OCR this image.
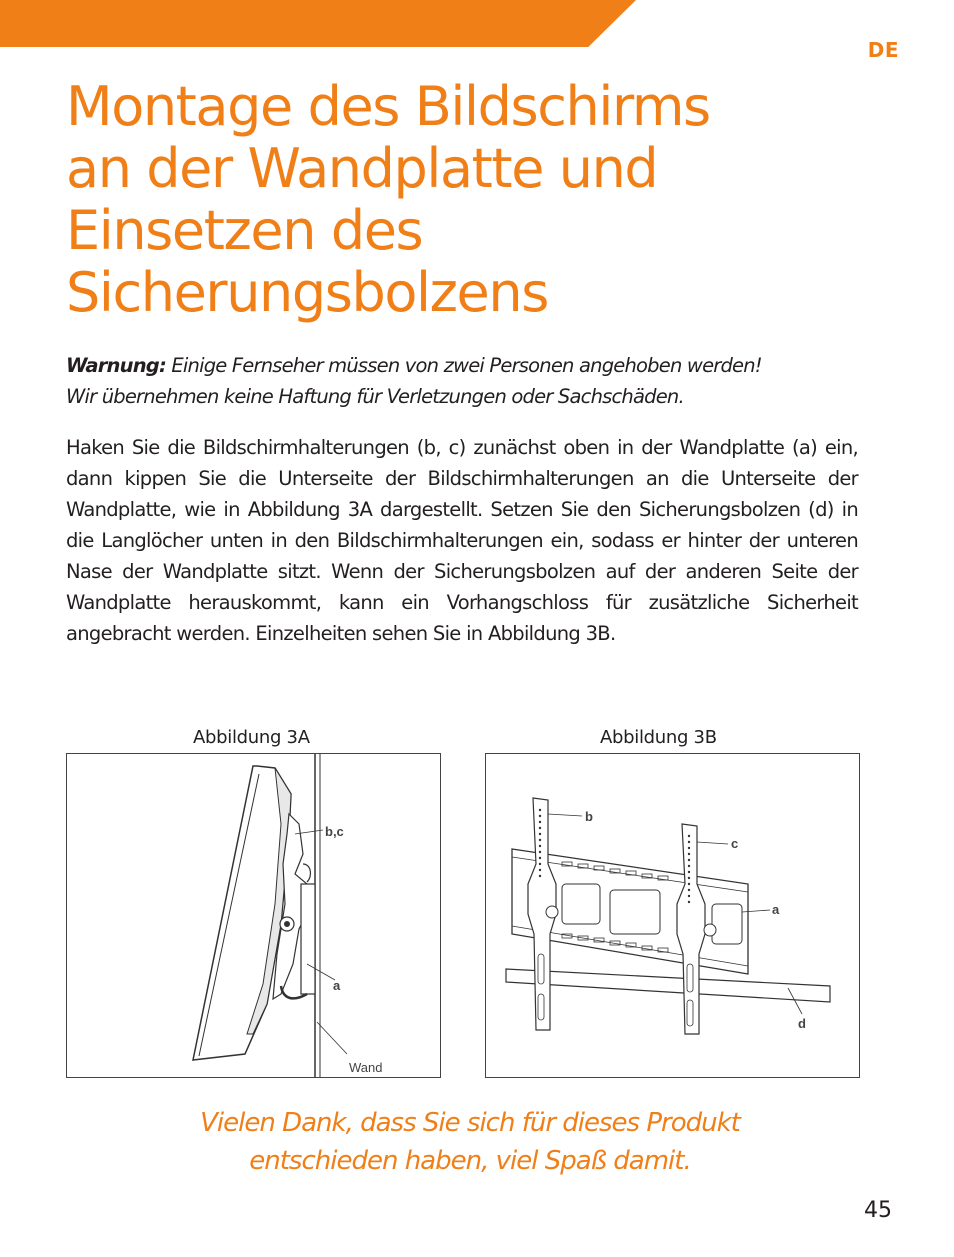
DE
Montage des Bildschirms
an der Wandplatte und
Einsetzen des
Sicherungsbolzens
Warnung: Einige Fernseher müssen von zwei Personen angehoben werden!
Wir übernehmen keine Haftung für Verletzungen oder Sachschäden.
Haken Sie die Bildschirmhalterungen (b, c) zunächst oben in der Wandplatte (a) ein, dann kippen Sie die Unterseite der Bildschirmhalterungen an die Unterseite der Wandplatte, wie in Abbildung 3A dargestellt. Setzen Sie den Sicherungsbolzen (d) in die Langlöcher unten in den Bildschirmhalterungen ein, sodass er hinter der unteren Nase der Wandplatte sitzt. Wenn der Sicherungsbolzen auf der anderen Seite der Wandplatte herauskommt, kann ein Vorhangschloss für zusätzliche Sicherheit angebracht werden. Einzelheiten sehen Sie in Abbildung 3B.
Abbildung 3A	Abbildung 3B
b,c
a
Wand
b
c
a
d
Vielen Dank, dass Sie sich für dieses Produkt
entschieden haben, viel Spaß damit.
45
